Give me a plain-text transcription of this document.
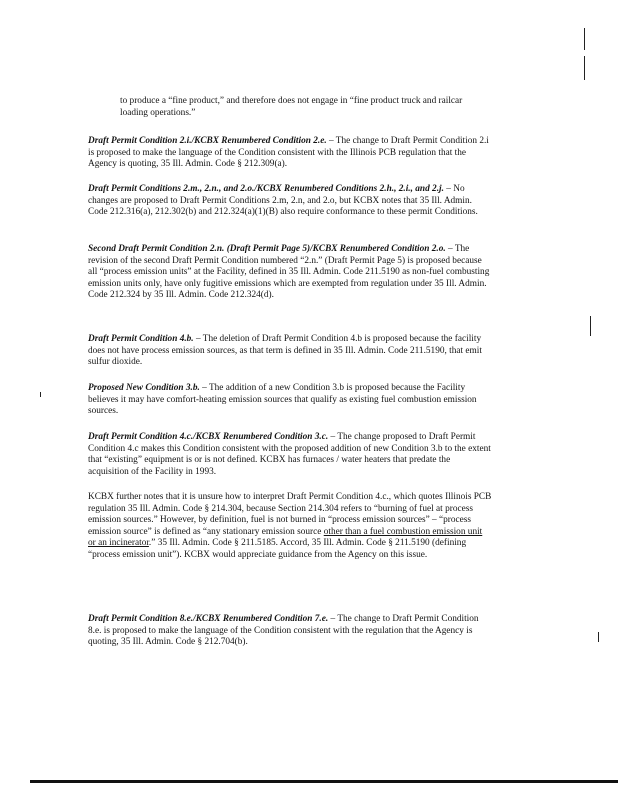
to produce a “fine product,” and therefore does not engage in “fine product truck and railcar loading operations.”

Draft Permit Condition 2.i./KCBX Renumbered Condition 2.e. – The change to Draft Permit Condition 2.i is proposed to make the language of the Condition consistent with the Illinois PCB regulation that the Agency is quoting, 35 Ill. Admin. Code § 212.309(a).

Draft Permit Conditions 2.m., 2.n., and 2.o./KCBX Renumbered Conditions 2.h., 2.i., and 2.j. – No changes are proposed to Draft Permit Conditions 2.m, 2.n, and 2.o, but KCBX notes that 35 Ill. Admin. Code 212.316(a), 212.302(b) and 212.324(a)(1)(B) also require conformance to these permit Conditions.

Second Draft Permit Condition 2.n. (Draft Permit Page 5)/KCBX Renumbered Condition 2.o. – The revision of the second Draft Permit Condition numbered “2.n.” (Draft Permit Page 5) is proposed because all “process emission units” at the Facility, defined in 35 Ill. Admin. Code 211.5190 as non-fuel combusting emission units only, have only fugitive emissions which are exempted from regulation under 35 Ill. Admin. Code 212.324 by 35 Ill. Admin. Code 212.324(d).

Draft Permit Condition 4.b. – The deletion of Draft Permit Condition 4.b is proposed because the facility does not have process emission sources, as that term is defined in 35 Ill. Admin. Code 211.5190, that emit sulfur dioxide.

Proposed New Condition 3.b. – The addition of a new Condition 3.b is proposed because the Facility believes it may have comfort-heating emission sources that qualify as existing fuel combustion emission sources.

Draft Permit Condition 4.c./KCBX Renumbered Condition 3.c. – The change proposed to Draft Permit Condition 4.c makes this Condition consistent with the proposed addition of new Condition 3.b to the extent that “existing” equipment is or is not defined. KCBX has furnaces / water heaters that predate the acquisition of the Facility in 1993.

KCBX further notes that it is unsure how to interpret Draft Permit Condition 4.c., which quotes Illinois PCB regulation 35 Ill. Admin. Code § 214.304, because Section 214.304 refers to “burning of fuel at process emission sources.” However, by definition, fuel is not burned in “process emission sources” – “process emission source” is defined as “any stationary emission source other than a fuel combustion emission unit or an incinerator.” 35 Ill. Admin. Code § 211.5185. Accord, 35 Ill. Admin. Code § 211.5190 (defining “process emission unit”). KCBX would appreciate guidance from the Agency on this issue.

Draft Permit Condition 8.e./KCBX Renumbered Condition 7.e. – The change to Draft Permit Condition 8.e. is proposed to make the language of the Condition consistent with the regulation that the Agency is quoting, 35 Ill. Admin. Code § 212.704(b).
